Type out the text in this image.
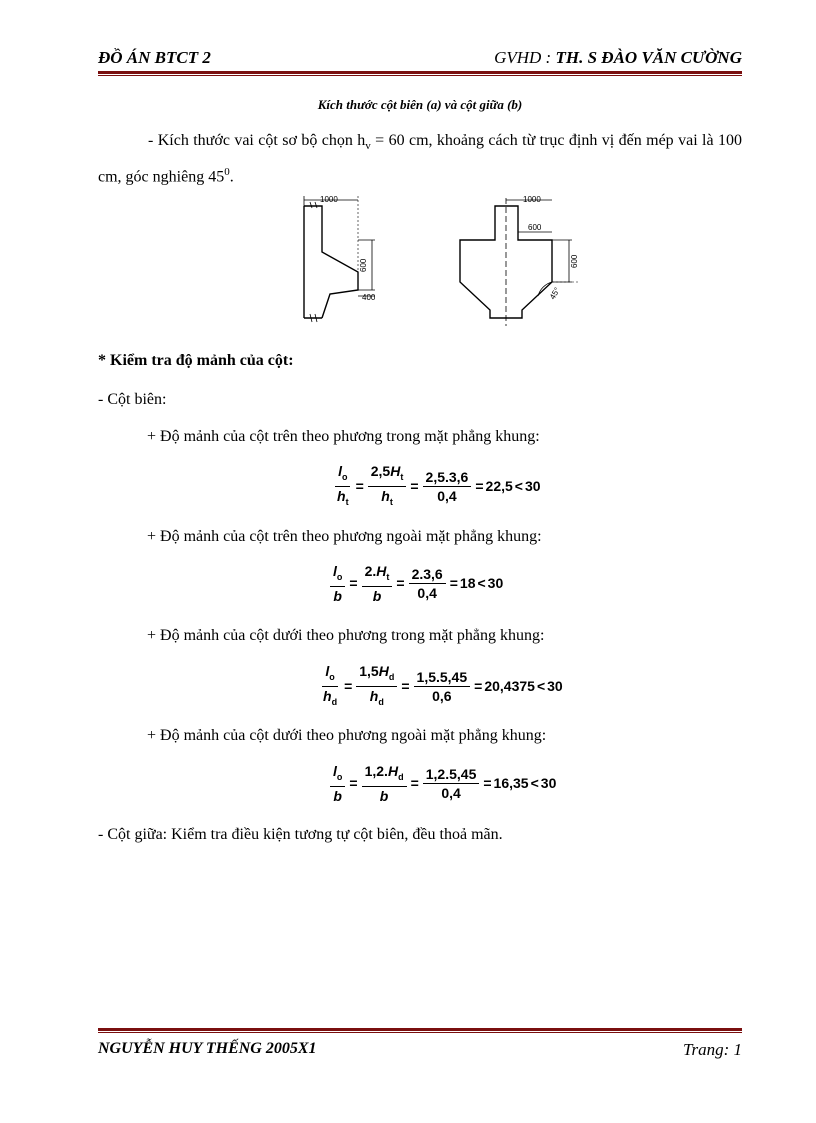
ĐỒ ÁN BTCT 2	GVHD : TH. S ĐÀO VĂN CƯỜNG
Kích thước cột biên (a) và cột giữa (b)
- Kích thước vai cột sơ bộ chọn $h_v = 60$ cm, khoảng cách từ trục định vị đến mép vai là 100 cm, góc nghiêng $45^0$.
1000
600
400
1000
600
600
45°
* Kiểm tra độ mảnh của cột:
- Cột biên:
+ Độ mảnh của cột trên theo phương trong mặt phẳng khung:
$\frac{l_o}{h_t} = \frac{2,5H_t}{h_t} = \frac{2,5.3,6}{0,4} = 22,5 < 30$
+ Độ mảnh của cột trên theo phương ngoài mặt phẳng khung:
$\frac{l_o}{b} = \frac{2.H_t}{b} = \frac{2.3,6}{0,4} = 18 < 30$
+ Độ mảnh của cột dưới theo phương trong mặt phẳng khung:
$\frac{l_o}{h_d} = \frac{1,5H_d}{h_d} = \frac{1,5.5,45}{0,6} = 20,4375 < 30$
+ Độ mảnh của cột dưới theo phương ngoài mặt phẳng khung:
$\frac{l_o}{b} = \frac{1,2.H_d}{b} = \frac{1,2.5,45}{0,4} = 16,35 < 30$
- Cột giữa: Kiểm tra điều kiện tương tự cột biên, đều thoả mãn.
NGUYỄN HUY THẾNG 2005X1	Trang: 1
